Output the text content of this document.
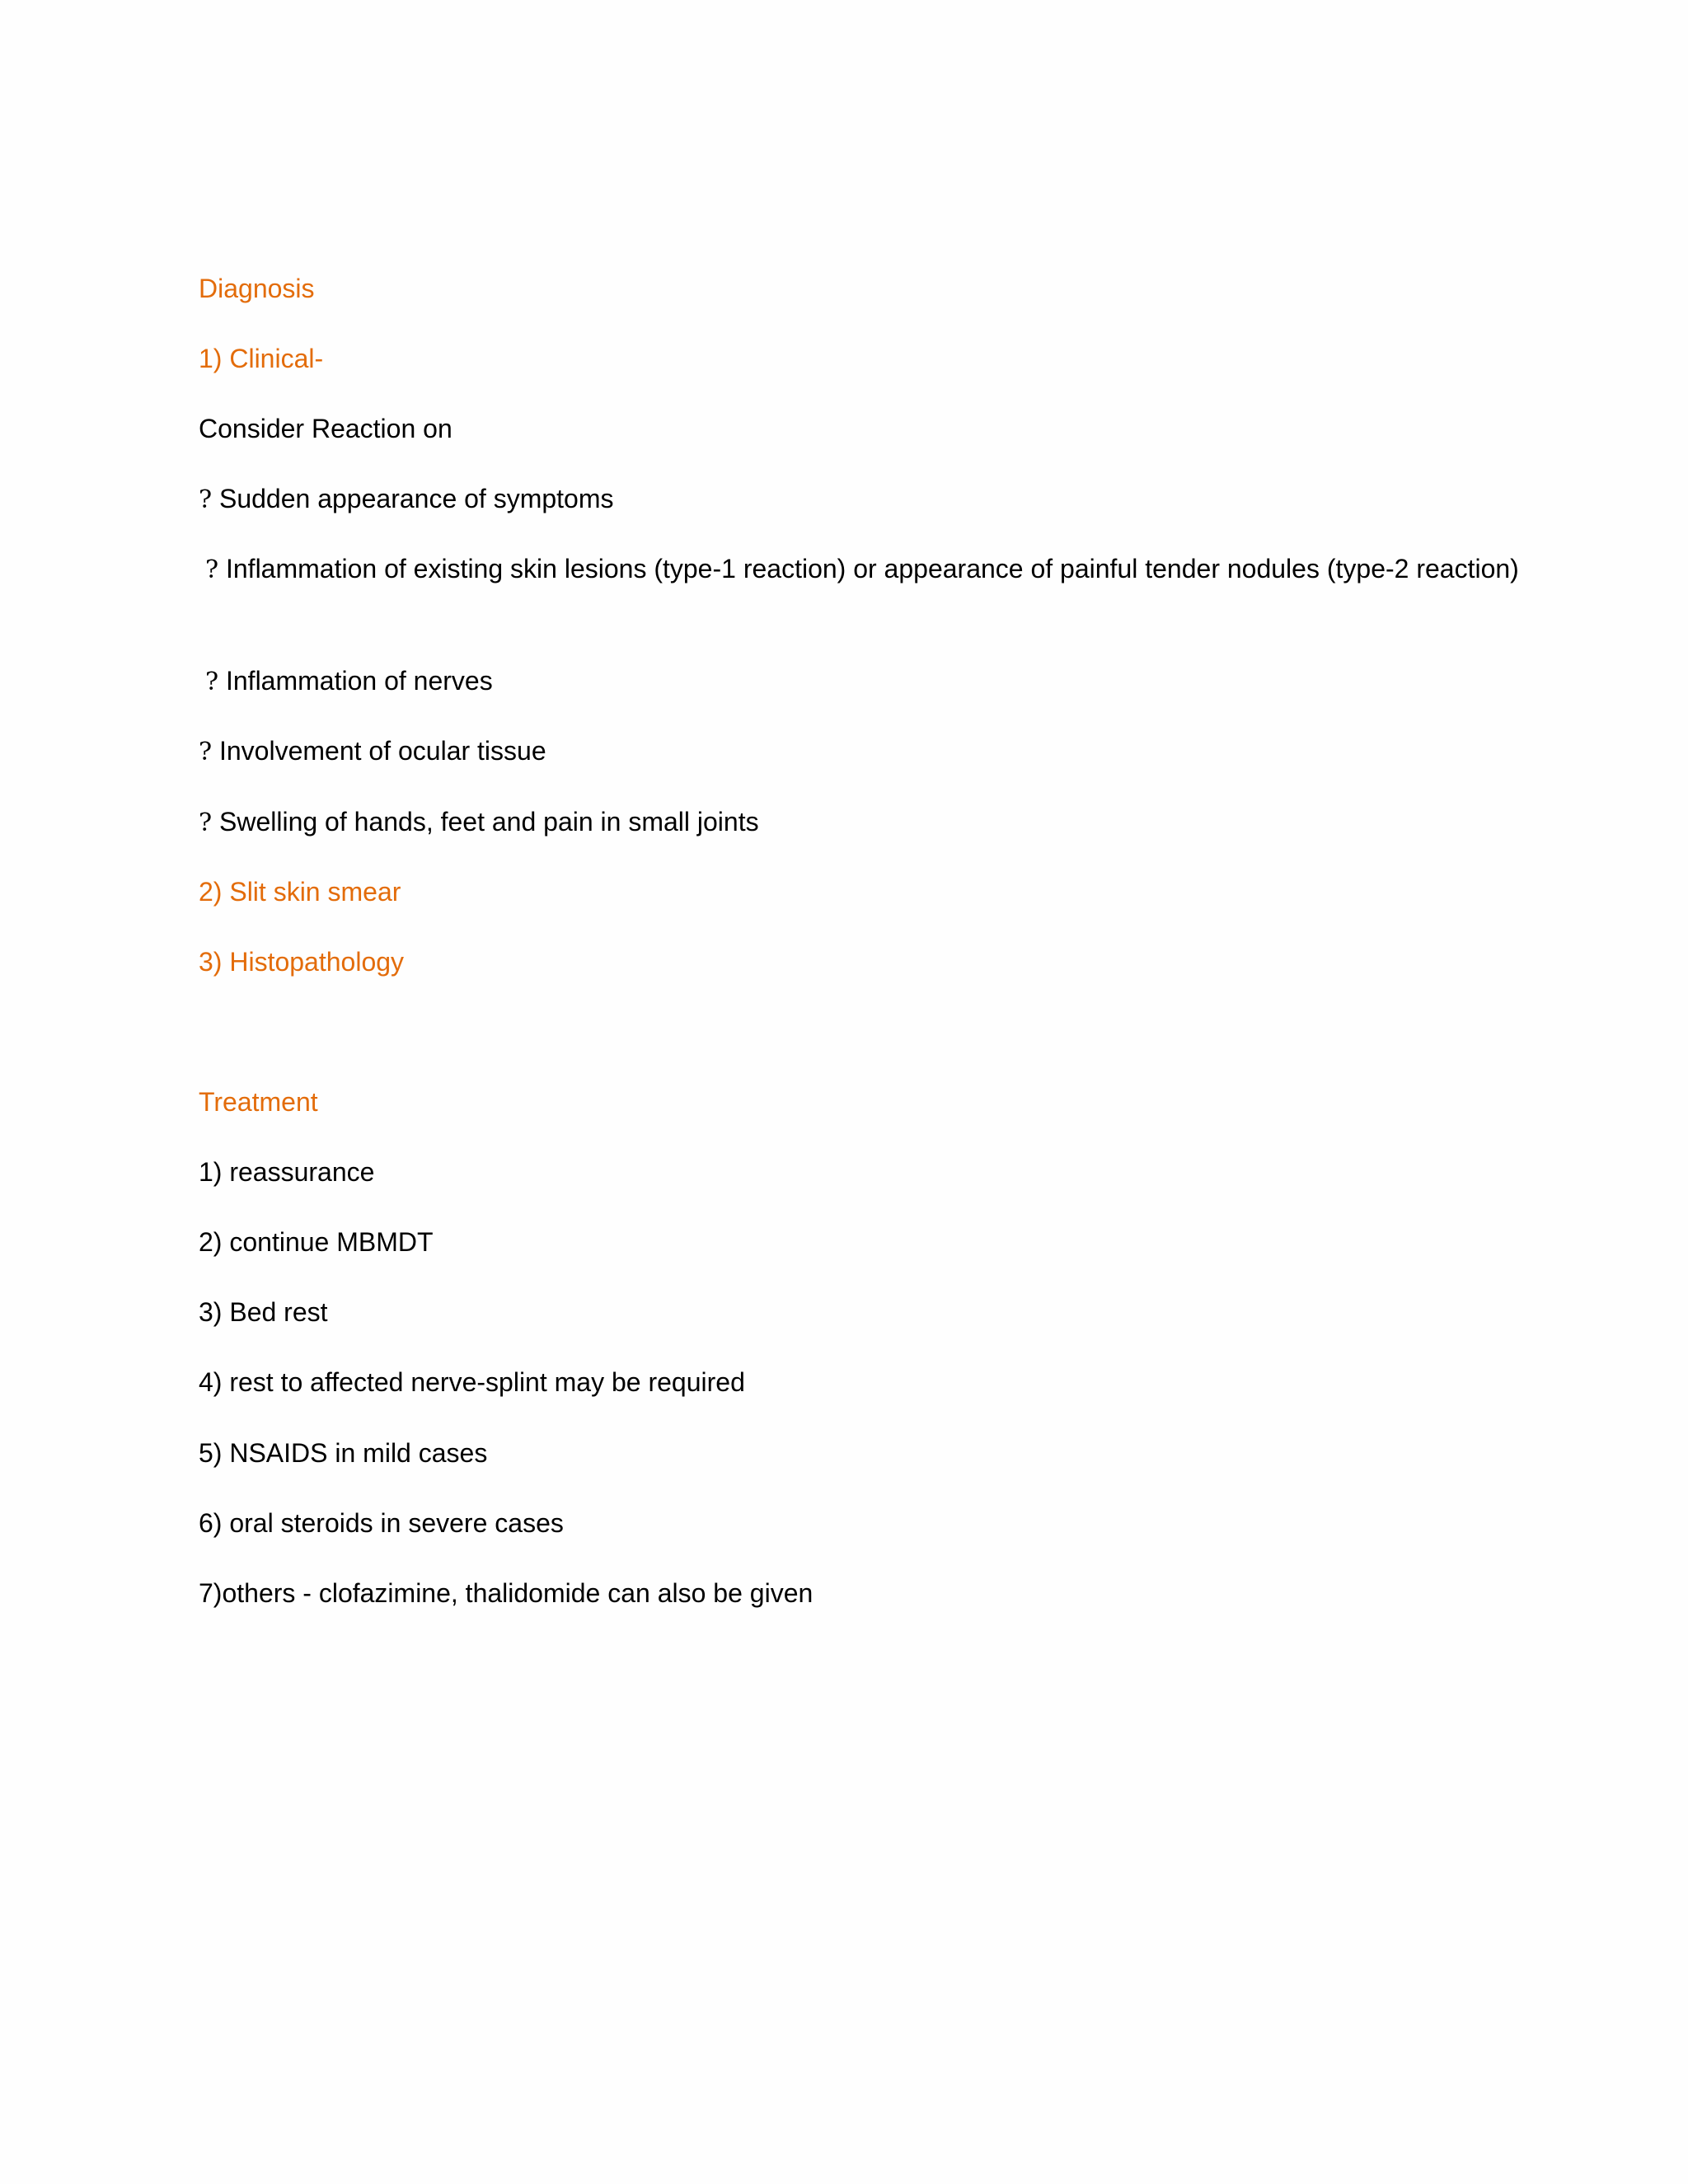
Diagnosis

1) Clinical-

Consider Reaction on

? Sudden appearance of symptoms

? Inflammation of existing skin lesions (type-1 reaction) or appearance of painful tender nodules (type-2 reaction)

? Inflammation of nerves

? Involvement of ocular tissue

? Swelling of hands, feet and pain in small joints

2) Slit skin smear

3) Histopathology

Treatment

1) reassurance

2) continue MBMDT

3) Bed rest

4) rest to affected nerve-splint may be required

5) NSAIDS in mild cases

6) oral steroids in severe cases

7)others - clofazimine, thalidomide can also be given
